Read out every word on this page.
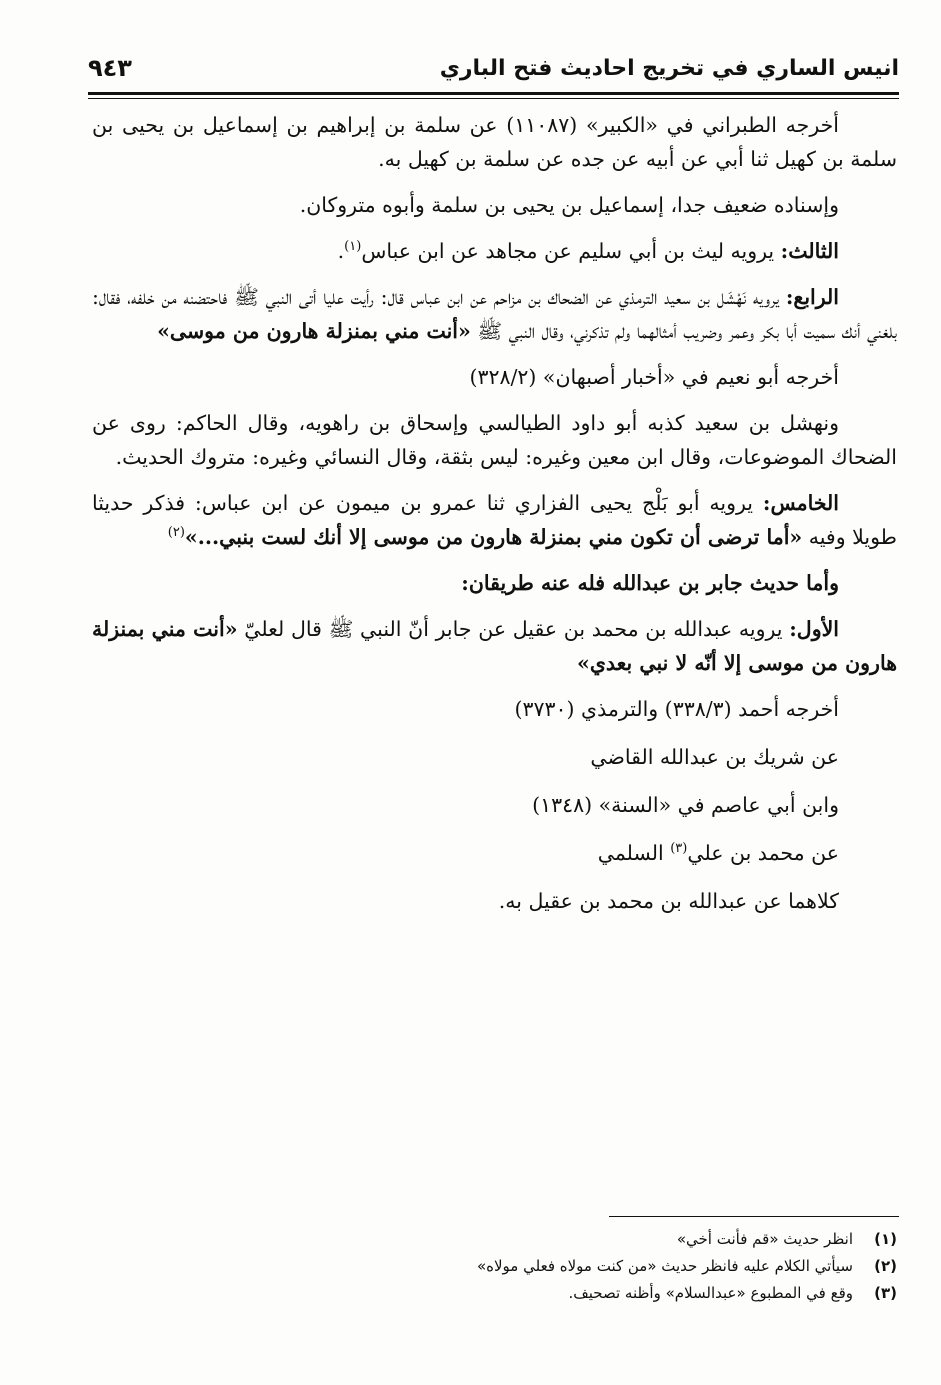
انيس الساري في تخريج احاديث فتح الباري
٩٤٣

أخرجه الطبراني في «الكبير» (١١٠٨٧) عن سلمة بن إبراهيم بن إسماعيل بن يحيى بن سلمة بن كهيل ثنا أبي عن أبيه عن جده عن سلمة بن كهيل به.

وإسناده ضعيف جدا، إسماعيل بن يحيى بن سلمة وأبوه متروكان.

الثالث: يرويه ليث بن أبي سليم عن مجاهد عن ابن عباس$^{(١)}$.

الرابع: يرويه نَهْشَل بن سعيد الترمذي عن الضحاك بن مزاحم عن ابن عباس قال: رأيت عليا أتى النبي ﷺ فاحتضنه من خلفه، فقال: بلغني أنك سميت أبا بكر وعمر وضريب أمثالهما ولم تذكرني، وقال النبي ﷺ «أنت مني بمنزلة هارون من موسى»

أخرجه أبو نعيم في «أخبار أصبهان» (٣٢٨/٢)

ونهشل بن سعيد كذبه أبو داود الطيالسي وإسحاق بن راهويه، وقال الحاكم: روى عن الضحاك الموضوعات، وقال ابن معين وغيره: ليس بثقة، وقال النسائي وغيره: متروك الحديث.

الخامس: يرويه أبو بَلْج يحيى الفزاري ثنا عمرو بن ميمون عن ابن عباس: فذكر حديثا طويلا وفيه «أما ترضى أن تكون مني بمنزلة هارون من موسى إلا أنك لست بنبي...»$^{(٢)}$

وأما حديث جابر بن عبدالله فله عنه طريقان:

الأول: يرويه عبدالله بن محمد بن عقيل عن جابر أنّ النبي ﷺ قال لعليّ «أنت مني بمنزلة هارون من موسى إلا أنّه لا نبي بعدي»

أخرجه أحمد (٣٣٨/٣) والترمذي (٣٧٣٠)

عن شريك بن عبدالله القاضي

وابن أبي عاصم في «السنة» (١٣٤٨)

عن محمد بن علي$^{(٣)}$ السلمي

كلاهما عن عبدالله بن محمد بن عقيل به.

(١)انظر حديث «قم فأنت أخي»
(٢)سيأتي الكلام عليه فانظر حديث «من كنت مولاه فعلي مولاه»
(٣)وقع في المطبوع «عبدالسلام» وأظنه تصحيف.
